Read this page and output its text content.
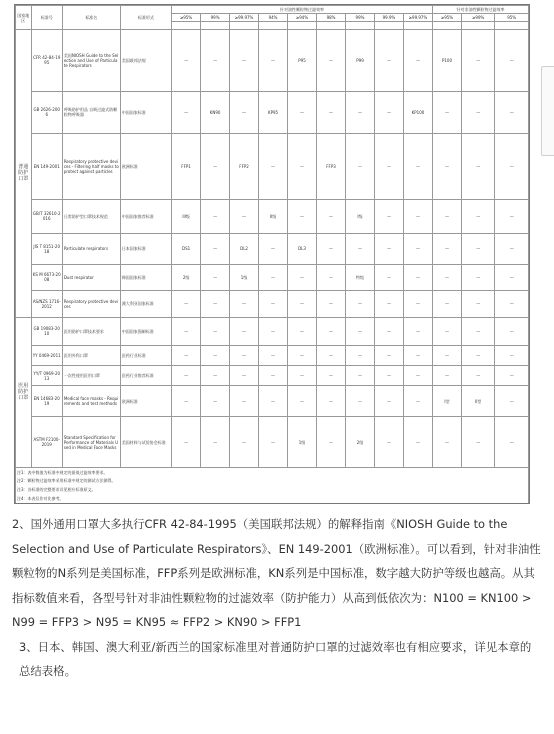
国家地区	标准号	标准名	标准形式	针对油性颗粒物过滤效率									针对非油性颗粒物过滤效率		
				≥95%	99%	≥99.97%	94%	≥94%	98%	99%	99.9%	≥99.97%	≥95%	≥99%	95%

普通防护口罩	CFR 42-84-1995	美国NIOSH Guide to the Selection and Use of Particulate Respirators	美国联邦法规	—	—	—	—	P95	—	P99	—	—	P100	—	—
	GB 2626-2006	呼吸防护用品 自吸过滤式防颗粒物呼吸器	中国国家标准	—	KN90	—	KP95	—	—	—	—	KP100	—	—	—
	EN 149-2001	Respiratory protective devices - Filtering half masks to protect against particles	欧洲标准	FFP1	—	FFP2	—	—	FFP3	—	—	—	—	—	—
	GB/T 32610-2016	日常防护型口罩技术规范	中国国家推荐标准	III级	—	—	II级	—	—	I级	—	—	—	—	—
	JIS T 8151-2018	Particulate respirators	日本国家标准	DS1	—	DL2	—	DL3	—	—	—	—	—	—	—
	KS M 6673-2008	Dust respirator	韩国国家标准	2级	—	1级	—	—	—	特级	—	—	—	—	—
	AS/NZS 1716-2012	Respiratory protective devices	澳大利亚国家标准	—	—	—	—	—	—	—	—	—	—	—	—
医用防护口罩	GB 19083-2010	医用防护口罩技术要求	中国国家强制标准	—	—	—	—	—	—	—	—	—	—	—	—
	YY 0469-2011	医用外科口罩	医药行业标准	—	—	—	—	—	—	—	—	—	—	—	—
	YY/T 0969-2013	一次性使用医用口罩	医药行业推荐标准	—	—	—	—	—	—	—	—	—	—	—	—
	EN 14683-2019	Medical face masks - Requirements and test methods	欧洲标准	—	—	—	—	—	—	—	—	—	I型	II型	—
	ASTM F2100-2019	Standard Specification for Performance of Materials Used in Medical Face Masks	美国材料与试验协会标准	—	—	—	—	1级	—	2级	—	—	—	—	—
注1：表中数值为标准中规定的最低过滤效率要求。															
注2：颗粒物过滤效率采用标准中规定的测试方法测得。															
注3：各标准的完整要求详见相应标准原文。															
注4：本表仅作对比参考。															

2、国外通用口罩大多执行CFR 42-84-1995（美国联邦法规）的解释指南《NIOSH Guide to the Selection and Use of Particulate Respirators》、EN 149-2001（欧洲标准）。可以看到，针对非油性颗粒物的N系列是美国标准，FFP系列是欧洲标准，KN系列是中国标准，数字越大防护等级也越高。从其指标数值来看，各型号针对非油性颗粒物的过滤效率（防护能力）从高到低依次为：N100 = KN100 > N99 = FFP3 > N95 = KN95 ≈ FFP2 > KN90 > FFP1

3、日本、韩国、澳大利亚/新西兰的国家标准里对普通防护口罩的过滤效率也有相应要求，详见本章的总结表格。
